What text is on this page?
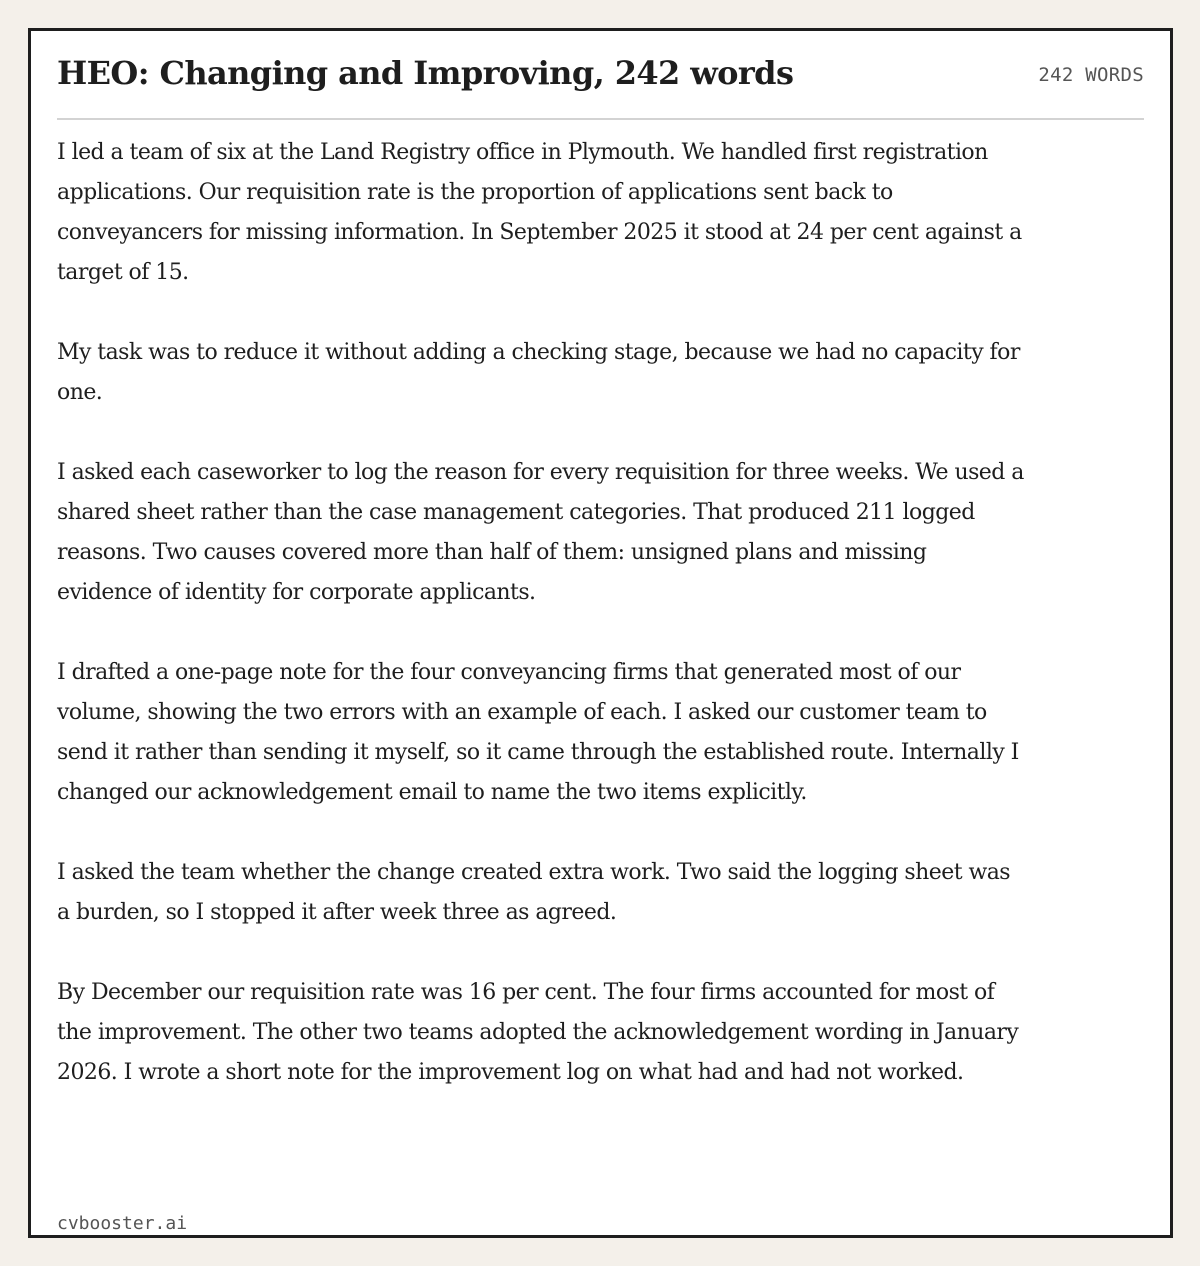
HEO: Changing and Improving, 242 words	242 WORDS

I led a team of six at the Land Registry office in Plymouth. We handled first registration applications. Our requisition rate is the proportion of applications sent back to conveyancers for missing information. In September 2025 it stood at 24 per cent against a target of 15.

My task was to reduce it without adding a checking stage, because we had no capacity for one.

I asked each caseworker to log the reason for every requisition for three weeks. We used a shared sheet rather than the case management categories. That produced 211 logged reasons. Two causes covered more than half of them: unsigned plans and missing evidence of identity for corporate applicants.

I drafted a one-page note for the four conveyancing firms that generated most of our volume, showing the two errors with an example of each. I asked our customer team to send it rather than sending it myself, so it came through the established route. Internally I changed our acknowledgement email to name the two items explicitly.

I asked the team whether the change created extra work. Two said the logging sheet was a burden, so I stopped it after week three as agreed.

By December our requisition rate was 16 per cent. The four firms accounted for most of the improvement. The other two teams adopted the acknowledgement wording in January 2026. I wrote a short note for the improvement log on what had and had not worked.

cvbooster.ai
